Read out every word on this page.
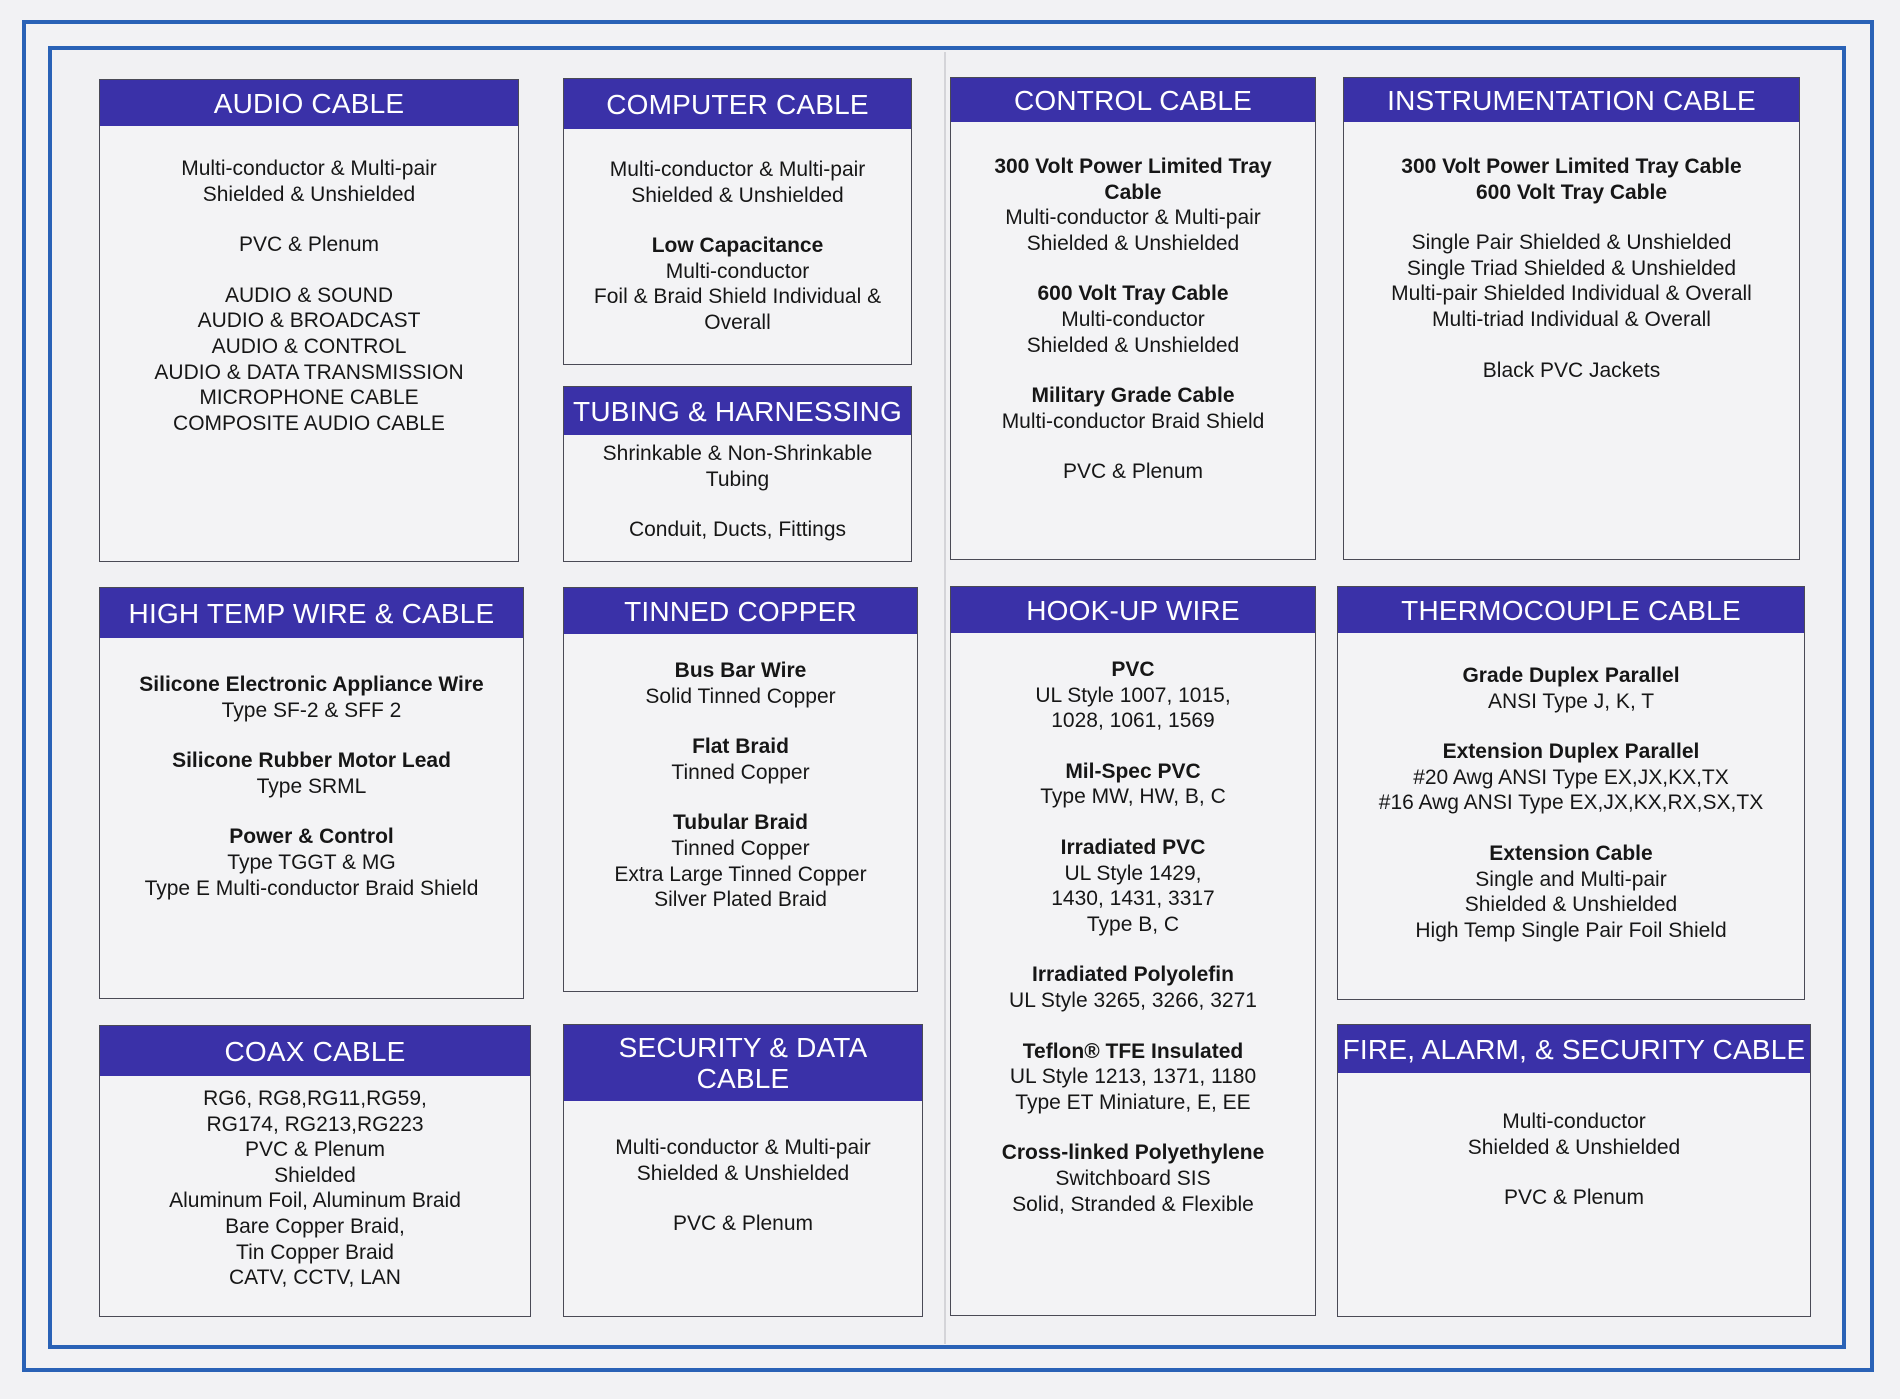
AUDIO CABLE
Multi-conductor & Multi-pair
Shielded & Unshielded
PVC & Plenum
AUDIO & SOUND
AUDIO & BROADCAST
AUDIO & CONTROL
AUDIO & DATA TRANSMISSION
MICROPHONE CABLE
COMPOSITE AUDIO CABLE
COMPUTER CABLE
Multi-conductor & Multi-pair
Shielded & Unshielded
Low Capacitance
Multi-conductor
Foil & Braid Shield Individual &
Overall
TUBING & HARNESSING
Shrinkable & Non-Shrinkable
Tubing
Conduit, Ducts, Fittings
CONTROL CABLE
300 Volt Power Limited Tray
Cable
Multi-conductor & Multi-pair
Shielded & Unshielded
600 Volt Tray Cable
Multi-conductor
Shielded & Unshielded
Military Grade Cable
Multi-conductor Braid Shield
PVC & Plenum
INSTRUMENTATION CABLE
300 Volt Power Limited Tray Cable
600 Volt Tray Cable
Single Pair Shielded & Unshielded
Single Triad Shielded & Unshielded
Multi-pair Shielded Individual & Overall
Multi-triad Individual & Overall
Black PVC Jackets
HIGH TEMP WIRE & CABLE
Silicone Electronic Appliance Wire
Type SF-2 & SFF 2
Silicone Rubber Motor Lead
Type SRML
Power & Control
Type TGGT & MG
Type E Multi-conductor Braid Shield
TINNED COPPER
Bus Bar Wire
Solid Tinned Copper
Flat Braid
Tinned Copper
Tubular Braid
Tinned Copper
Extra Large Tinned Copper
Silver Plated Braid
HOOK-UP WIRE
PVC
UL Style 1007, 1015,
1028, 1061, 1569
Mil-Spec PVC
Type MW, HW, B, C
Irradiated PVC
UL Style 1429,
1430, 1431, 3317
Type B, C
Irradiated Polyolefin
UL Style 3265, 3266, 3271
Teflon® TFE Insulated
UL Style 1213, 1371, 1180
Type ET Miniature, E, EE
Cross-linked Polyethylene
Switchboard SIS
Solid, Stranded & Flexible
THERMOCOUPLE CABLE
Grade Duplex Parallel
ANSI Type J, K, T
Extension Duplex Parallel
#20 Awg ANSI Type EX,JX,KX,TX
#16 Awg ANSI Type EX,JX,KX,RX,SX,TX
Extension Cable
Single and Multi-pair
Shielded & Unshielded
High Temp Single Pair Foil Shield
COAX CABLE
RG6, RG8,RG11,RG59,
RG174, RG213,RG223
PVC & Plenum
Shielded
Aluminum Foil, Aluminum Braid
Bare Copper Braid,
Tin Copper Braid
CATV, CCTV, LAN
SECURITY & DATA CABLE
Multi-conductor & Multi-pair
Shielded & Unshielded
PVC & Plenum
FIRE, ALARM, & SECURITY CABLE
Multi-conductor
Shielded & Unshielded
PVC & Plenum
